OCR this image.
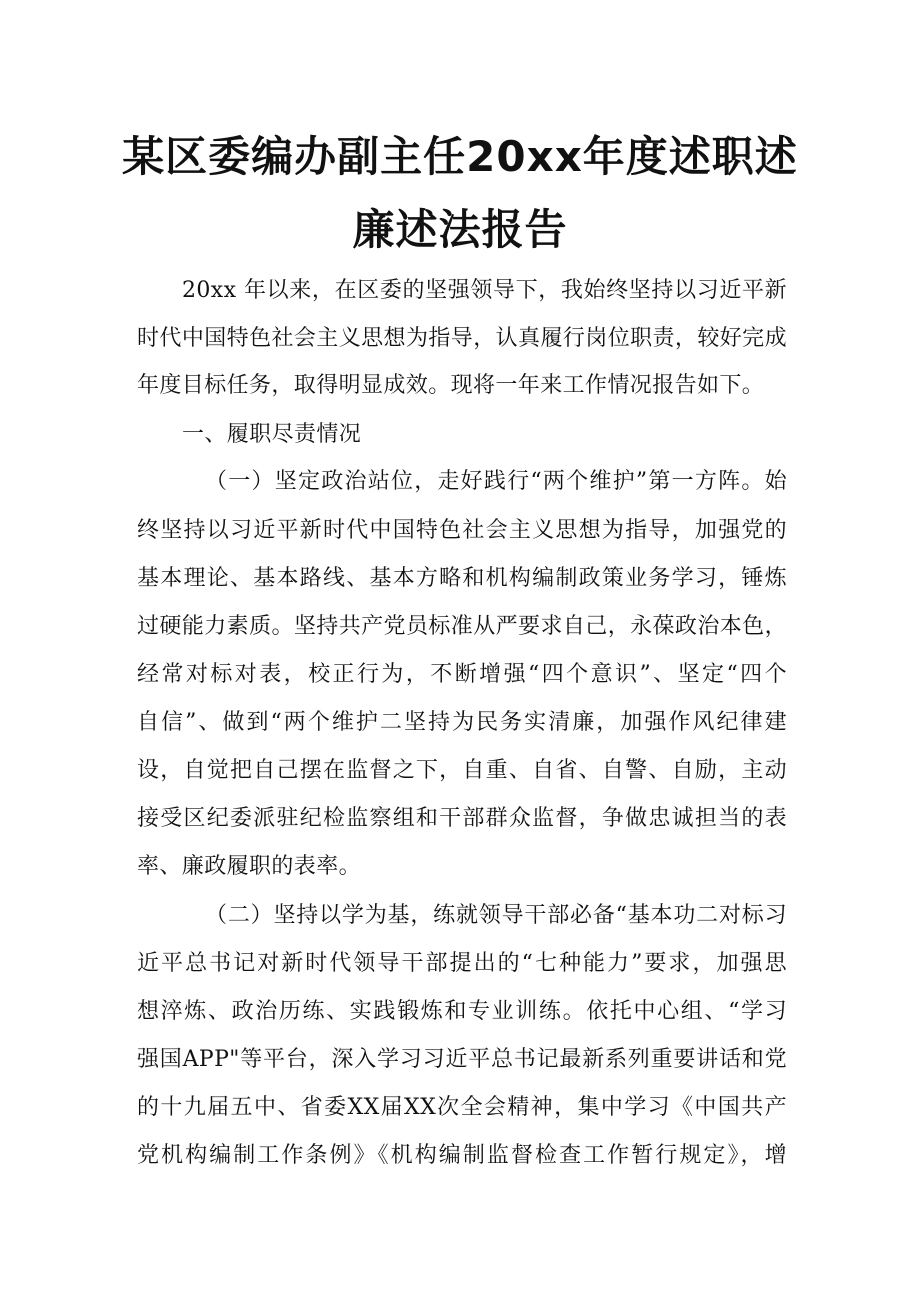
某区委编办副主任20xx年度述职述
廉述法报告
20xx 年以来，在区委的坚强领导下，我始终坚持以习近平新
时代中国特色社会主义思想为指导，认真履行岗位职责，较好完成
年度目标任务，取得明显成效。现将一年来工作情况报告如下。
一、履职尽责情况
（一）坚定政治站位，走好践行“两个维护”第一方阵。始
终坚持以习近平新时代中国特色社会主义思想为指导，加强党的
基本理论、基本路线、基本方略和机构编制政策业务学习，锤炼
过硬能力素质。坚持共产党员标准从严要求自己，永葆政治本色，
经常对标对表，校正行为，不断增强“四个意识”、坚定“四个
自信”、做到“两个维护二坚持为民务实清廉，加强作风纪律建
设，自觉把自己摆在监督之下，自重、自省、自警、自励，主动
接受区纪委派驻纪检监察组和干部群众监督，争做忠诚担当的表
率、廉政履职的表率。
（二）坚持以学为基，练就领导干部必备“基本功二对标习
近平总书记对新时代领导干部提出的“七种能力”要求，加强思
想淬炼、政治历练、实践锻炼和专业训练。依托中心组、“学习
强国APP"等平台，深入学习习近平总书记最新系列重要讲话和党
的十九届五中、省委XX届XX次全会精神，集中学习《中国共产
党机构编制工作条例》《机构编制监督检查工作暂行规定》，增
